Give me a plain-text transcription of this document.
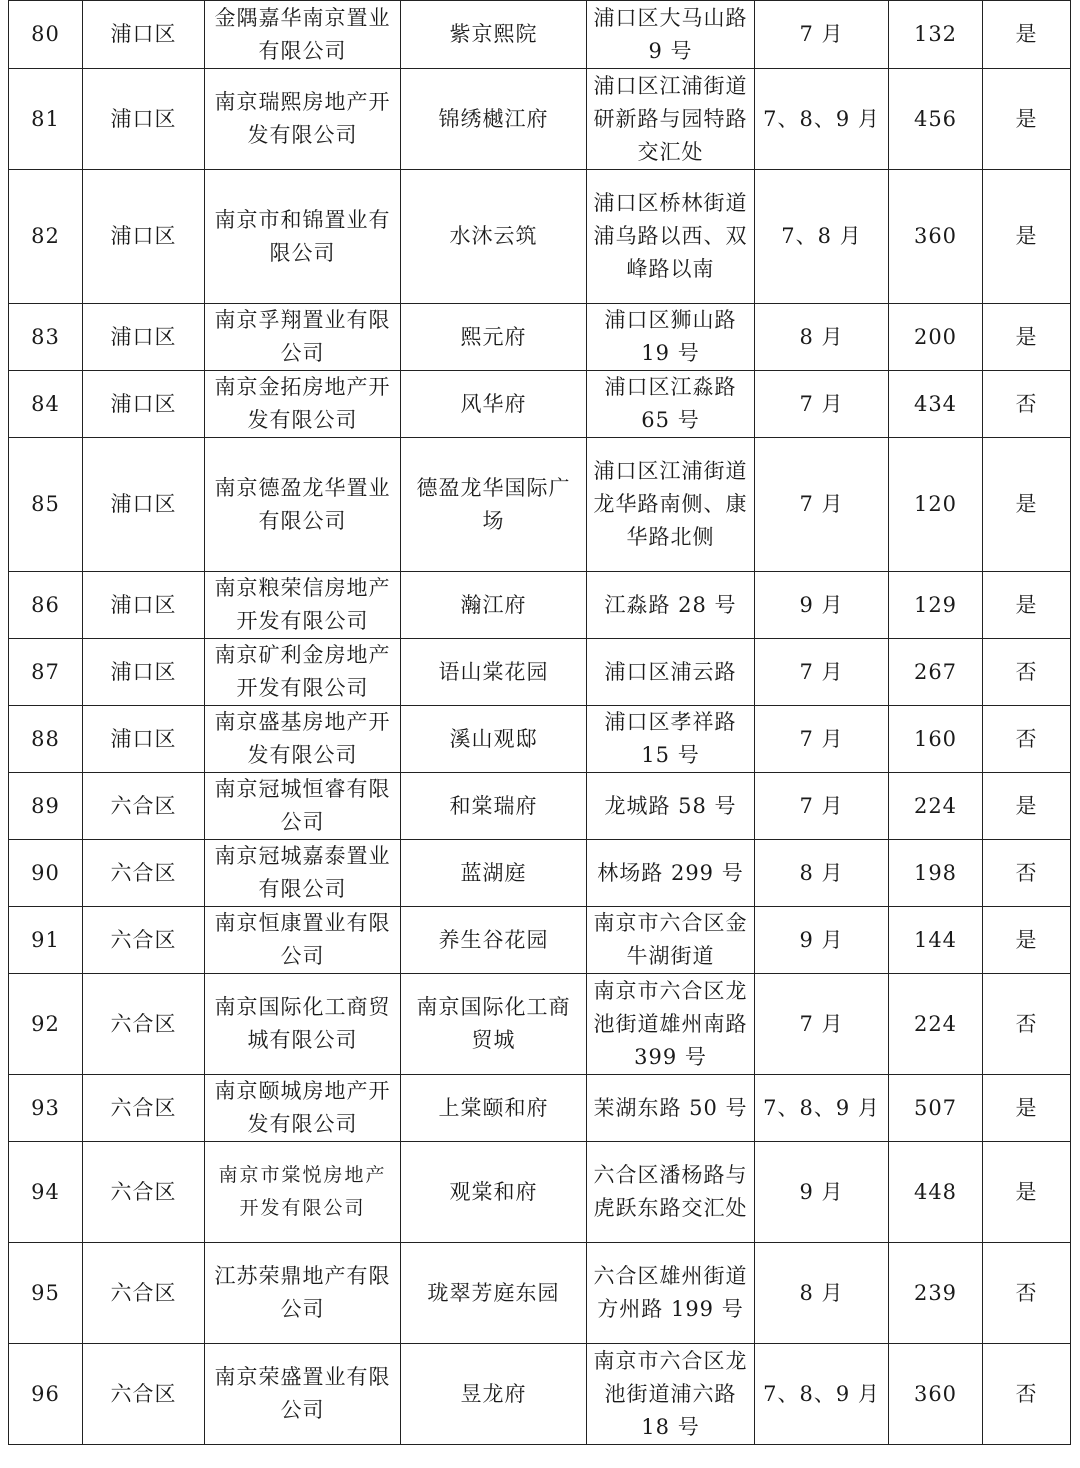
80	浦口区	金隅嘉华南京置业有限公司	紫京熙院	浦口区大马山路 9 号	7 月	132	是
81	浦口区	南京瑞熙房地产开发有限公司	锦绣樾江府	浦口区江浦街道研新路与园特路交汇处	7、8、9 月	456	是
82	浦口区	南京市和锦置业有限公司	水沐云筑	浦口区桥林街道浦乌路以西、双峰路以南	7、8 月	360	是
83	浦口区	南京孚翔置业有限公司	熙元府	浦口区狮山路 19 号	8 月	200	是
84	浦口区	南京金拓房地产开发有限公司	风华府	浦口区江淼路 65 号	7 月	434	否
85	浦口区	南京德盈龙华置业有限公司	德盈龙华国际广场	浦口区江浦街道龙华路南侧、康华路北侧	7 月	120	是
86	浦口区	南京粮荣信房地产开发有限公司	瀚江府	江淼路 28 号	9 月	129	是
87	浦口区	南京矿利金房地产开发有限公司	语山棠花园	浦口区浦云路	7 月	267	否
88	浦口区	南京盛基房地产开发有限公司	溪山观邸	浦口区孝祥路 15 号	7 月	160	否
89	六合区	南京冠城恒睿有限公司	和棠瑞府	龙城路 58 号	7 月	224	是
90	六合区	南京冠城嘉泰置业有限公司	蓝湖庭	林场路 299 号	8 月	198	否
91	六合区	南京恒康置业有限公司	养生谷花园	南京市六合区金牛湖街道	9 月	144	是
92	六合区	南京国际化工商贸城有限公司	南京国际化工商贸城	南京市六合区龙池街道雄州南路 399 号	7 月	224	否
93	六合区	南京颐城房地产开发有限公司	上棠颐和府	茉湖东路 50 号	7、8、9 月	507	是
94	六合区	南京市棠悦房地产开发有限公司	观棠和府	六合区潘杨路与虎跃东路交汇处	9 月	448	是
95	六合区	江苏荣鼎地产有限公司	珑翠芳庭东园	六合区雄州街道方州路 199 号	8 月	239	否
96	六合区	南京荣盛置业有限公司	昱龙府	南京市六合区龙池街道浦六路 18 号	7、8、9 月	360	否
